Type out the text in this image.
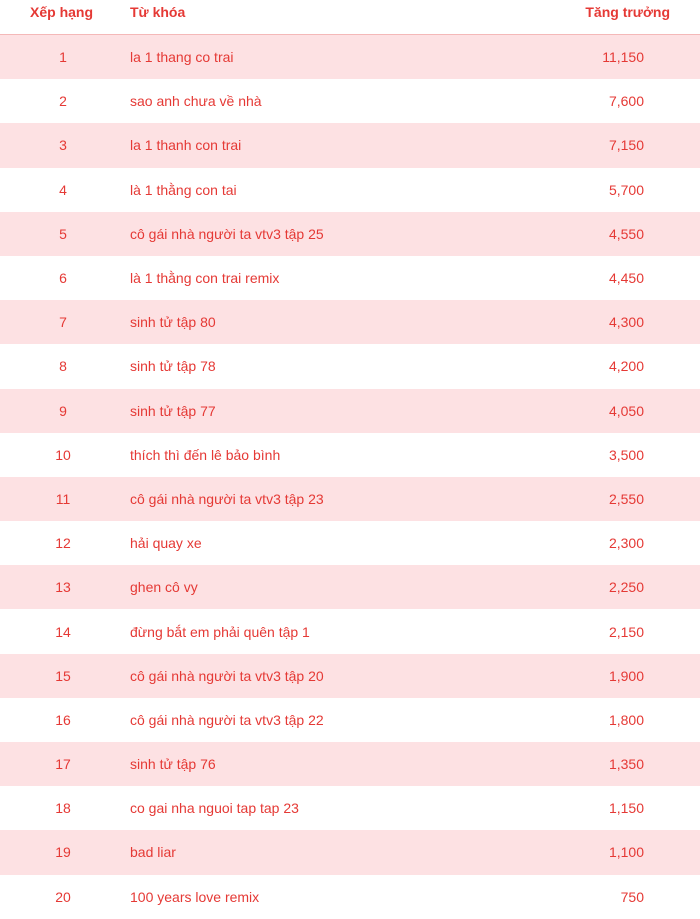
Xếp hạng	Từ khóa	Tăng trưởng
1	la 1 thang co trai	11,150
2	sao anh chưa về nhà	7,600
3	la 1 thanh con trai	7,150
4	là 1 thằng con tai	5,700
5	cô gái nhà người ta vtv3 tập 25	4,550
6	là 1 thằng con trai remix	4,450
7	sinh tử tập 80	4,300
8	sinh tử tập 78	4,200
9	sinh tử tập 77	4,050
10	thích thì đến lê bảo bình	3,500
11	cô gái nhà người ta vtv3 tập 23	2,550
12	hải quay xe	2,300
13	ghen cô vy	2,250
14	đừng bắt em phải quên tập 1	2,150
15	cô gái nhà người ta vtv3 tập 20	1,900
16	cô gái nhà người ta vtv3 tập 22	1,800
17	sinh tử tập 76	1,350
18	co gai nha nguoi tap tap 23	1,150
19	bad liar	1,100
20	100 years love remix	750
